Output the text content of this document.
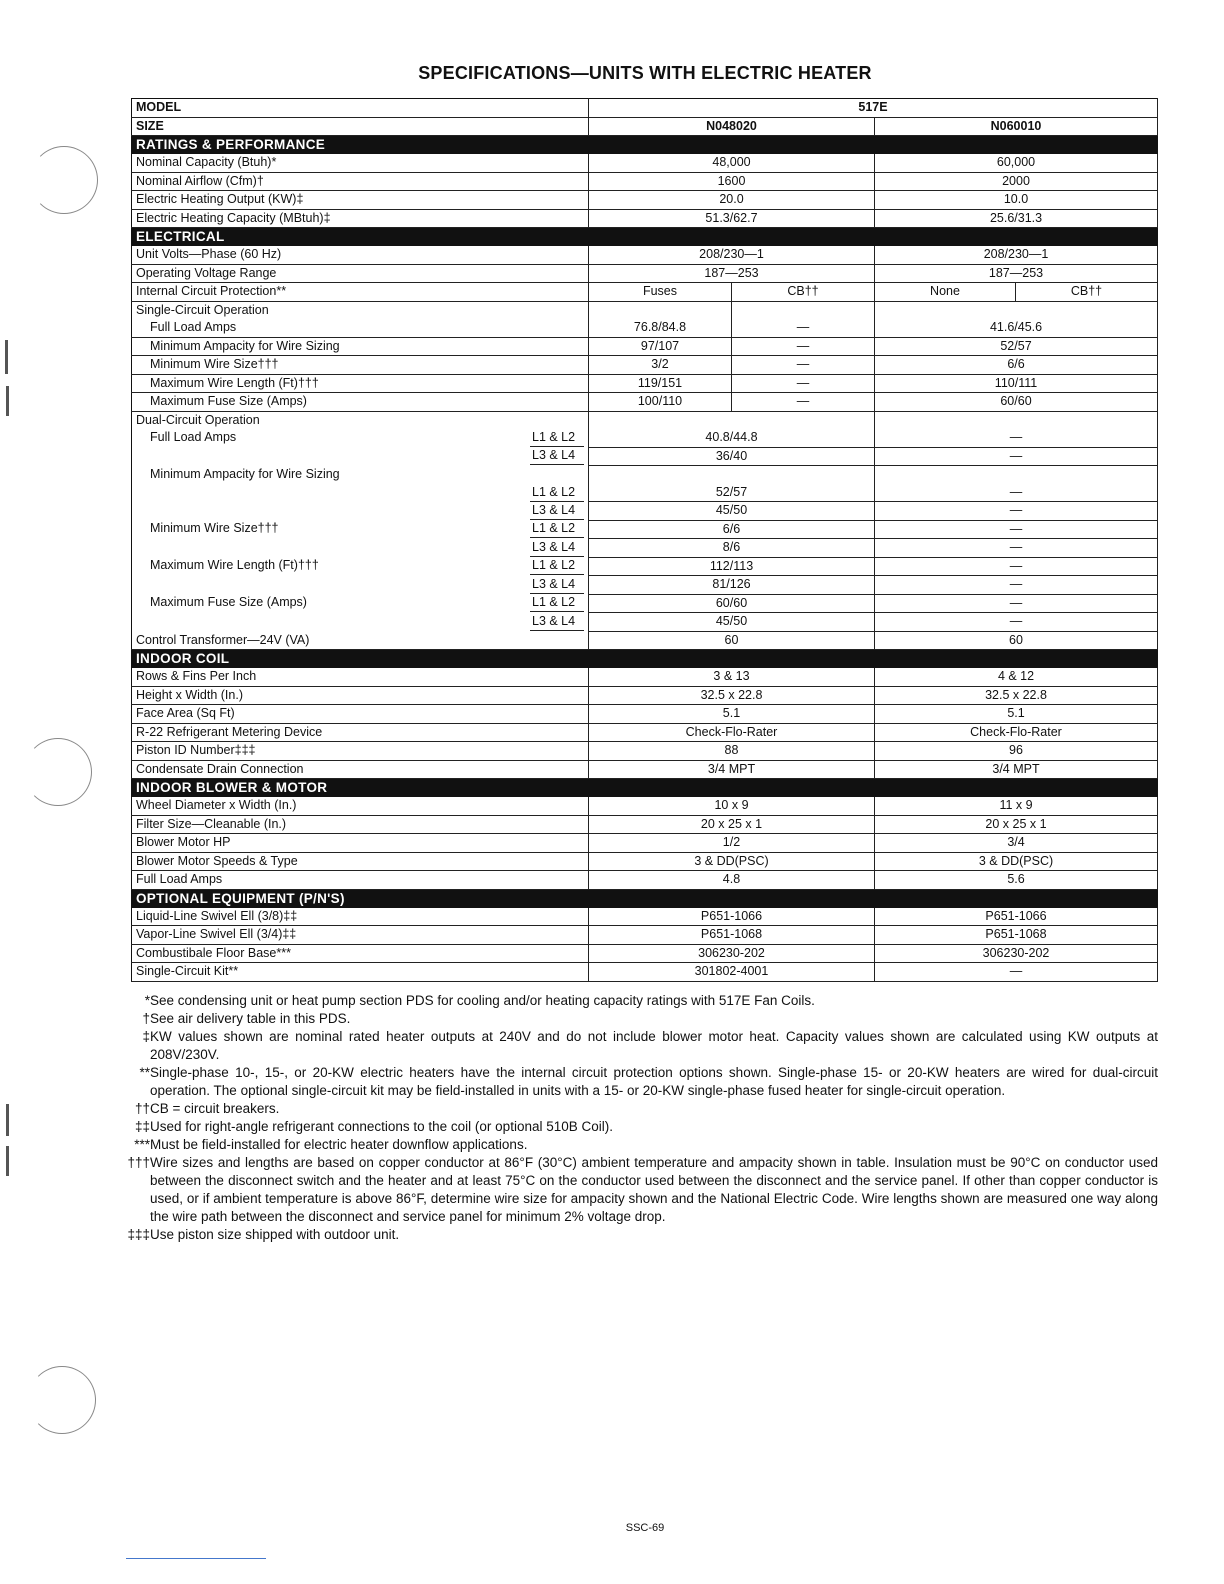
SPECIFICATIONS—UNITS WITH ELECTRIC HEATER
MODEL	517E			
SIZE	N048020		N060010	
RATINGS & PERFORMANCE				
Nominal Capacity (Btuh)*	48,000		60,000	
Nominal Airflow (Cfm)†	1600		2000	
Electric Heating Output (KW)‡	20.0		10.0	
Electric Heating Capacity (MBtuh)‡	51.3/62.7		25.6/31.3	
ELECTRICAL				
Unit Volts—Phase (60 Hz)	208/230—1		208/230—1	
Operating Voltage Range	187—253		187—253	
Internal Circuit Protection**	Fuses	CB††	None	CB††
Single-Circuit Operation				
Full Load Amps	76.8/84.8	—	41.6/45.6	
Minimum Ampacity for Wire Sizing	97/107	—	52/57	
Minimum Wire Size†††	3/2	—	6/6	
Maximum Wire Length (Ft)†††	119/151	—	110/111	
Maximum Fuse Size (Amps)	100/110	—	60/60	
Dual-Circuit Operation				
Full Load Amps L1 & L2	40.8/44.8		—	

L3 & L4	36/40		—	
Minimum Ampacity for Wire Sizing				

L1 & L2	52/57		—	

L3 & L4	45/50		—	
Minimum Wire Size††† L1 & L2	6/6		—	

L3 & L4	8/6		—	
Maximum Wire Length (Ft)††† L1 & L2	112/113		—	

L3 & L4	81/126		—	
Maximum Fuse Size (Amps) L1 & L2	60/60		—	

L3 & L4	45/50		—	
Control Transformer—24V (VA)	60		60	
INDOOR COIL				
Rows & Fins Per Inch	3 & 13		4 & 12	
Height x Width (In.)	32.5 x 22.8		32.5 x 22.8	
Face Area (Sq Ft)	5.1		5.1	
R-22 Refrigerant Metering Device	Check-Flo-Rater		Check-Flo-Rater	
Piston ID Number‡‡‡	88		96	
Condensate Drain Connection	3/4 MPT		3/4 MPT	
INDOOR BLOWER & MOTOR				
Wheel Diameter x Width (In.)	10 x 9		11 x 9	
Filter Size—Cleanable (In.)	20 x 25 x 1		20 x 25 x 1	
Blower Motor HP	1/2		3/4	
Blower Motor Speeds & Type	3 & DD(PSC)		3 & DD(PSC)	
Full Load Amps	4.8		5.6	
OPTIONAL EQUIPMENT (P/N'S)				
Liquid-Line Swivel Ell (3/8)‡‡	P651-1066		P651-1066	
Vapor-Line Swivel Ell (3/4)‡‡	P651-1068		P651-1068	
Combustibale Floor Base***	306230-202		306230-202	
Single-Circuit Kit**	301802-4001		—	
* See condensing unit or heat pump section PDS for cooling and/or heating capacity ratings with 517E Fan Coils.
† See air delivery table in this PDS.
‡ KW values shown are nominal rated heater outputs at 240V and do not include blower motor heat. Capacity values shown are calculated using KW outputs at 208V/230V.
** Single-phase 10-, 15-, or 20-KW electric heaters have the internal circuit protection options shown. Single-phase 15- or 20-KW heaters are wired for dual-circuit operation. The optional single-circuit kit may be field-installed in units with a 15- or 20-KW single-phase fused heater for single-circuit operation.
†† CB = circuit breakers.
‡‡ Used for right-angle refrigerant connections to the coil (or optional 510B Coil).
*** Must be field-installed for electric heater downflow applications.
††† Wire sizes and lengths are based on copper conductor at 86°F (30°C) ambient temperature and ampacity shown in table. Insulation must be 90°C on conductor used between the disconnect switch and the heater and at least 75°C on the conductor used between the disconnect and the service panel. If other than copper conductor is used, or if ambient temperature is above 86°F, determine wire size for ampacity shown and the National Electric Code. Wire lengths shown are measured one way along the wire path between the disconnect and service panel for minimum 2% voltage drop.
‡‡‡ Use piston size shipped with outdoor unit.
SSC-69
